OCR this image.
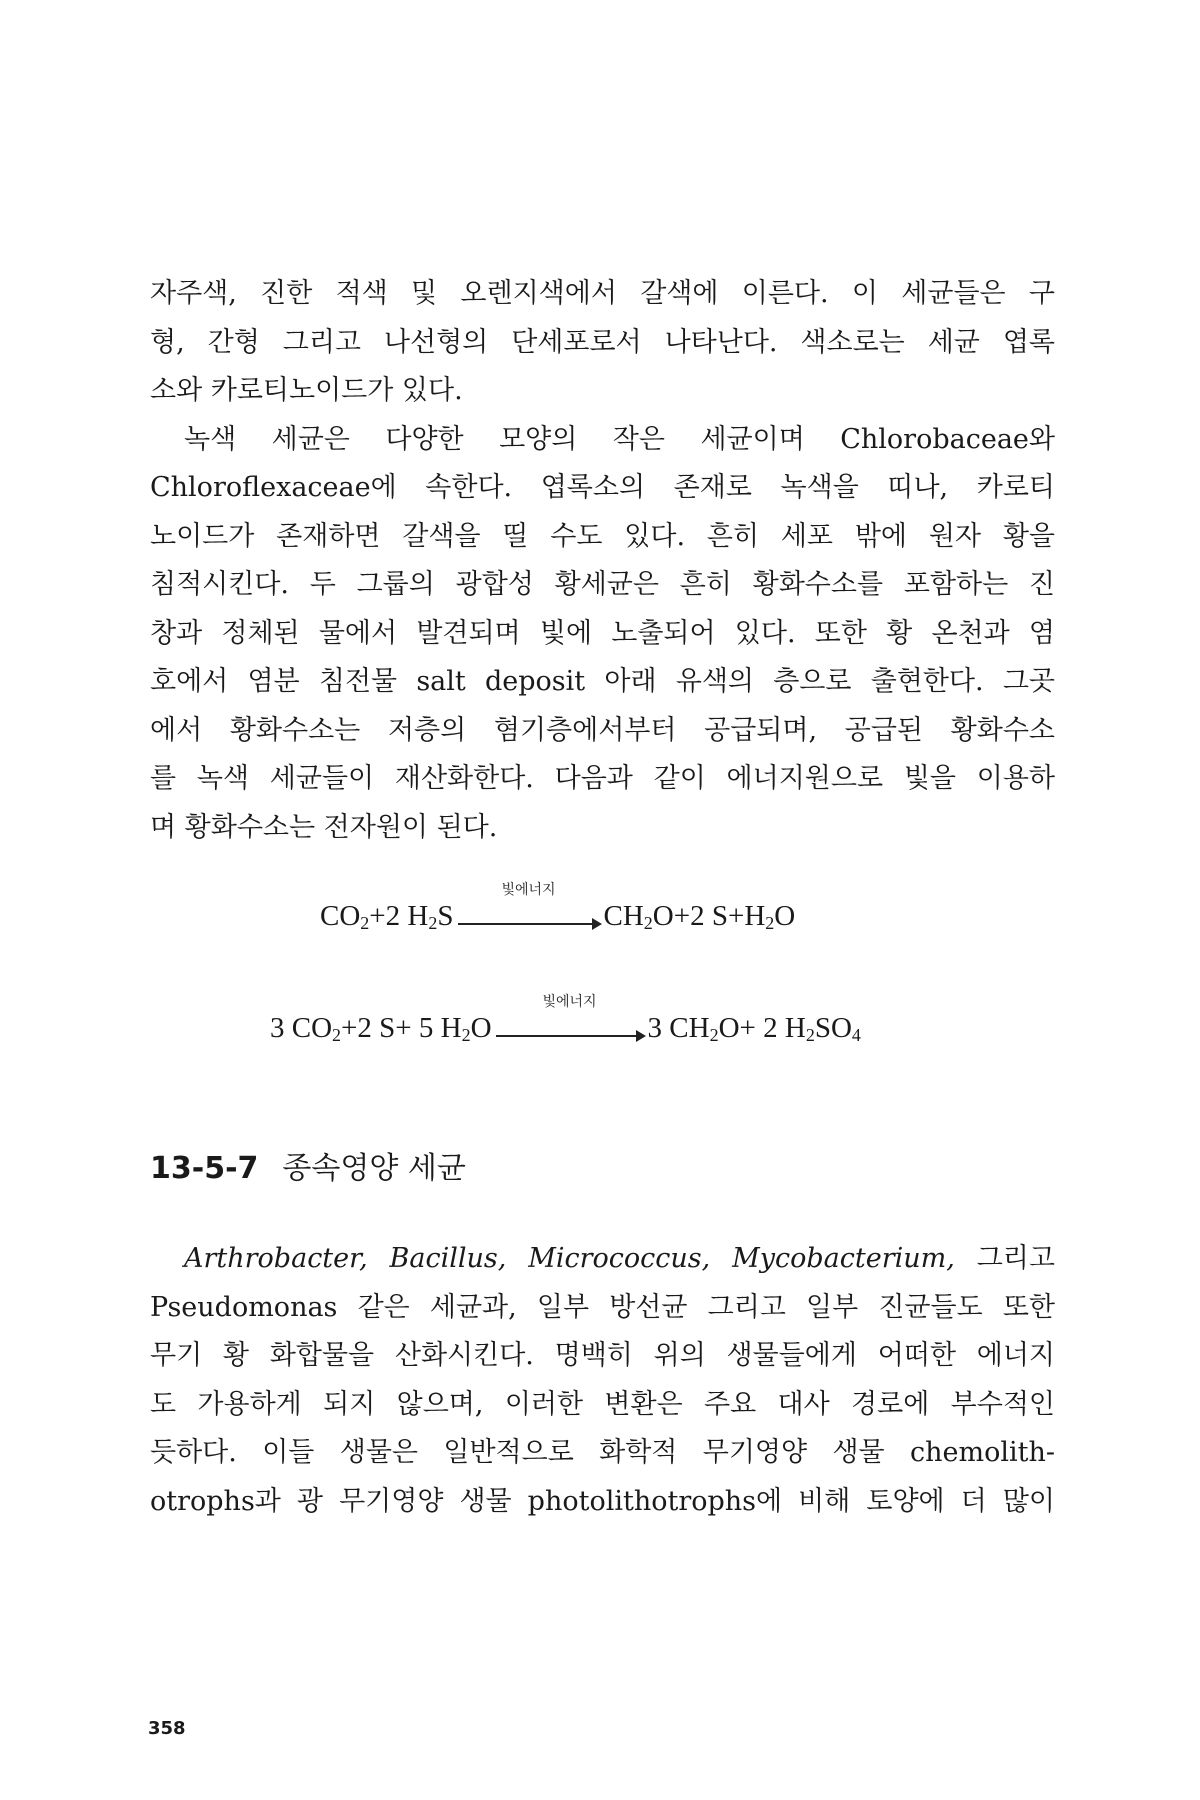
자주색, 진한 적색 및 오렌지색에서 갈색에 이른다. 이 세균들은 구
형, 간형 그리고 나선형의 단세포로서 나타난다. 색소로는 세균 엽록
소와 카로티노이드가 있다.
녹색 세균은 다양한 모양의 작은 세균이며 Chlorobaceae와
Chloroflexaceae에 속한다. 엽록소의 존재로 녹색을 띠나, 카로티
노이드가 존재하면 갈색을 띨 수도 있다. 흔히 세포 밖에 원자 황을
침적시킨다. 두 그룹의 광합성 황세균은 흔히 황화수소를 포함하는 진
창과 정체된 물에서 발견되며 빛에 노출되어 있다. 또한 황 온천과 염
호에서 염분 침전물 salt deposit 아래 유색의 층으로 출현한다. 그곳
에서 황화수소는 저층의 혐기층에서부터 공급되며, 공급된 황화수소
를 녹색 세균들이 재산화한다. 다음과 같이 에너지원으로 빛을 이용하
며 황화수소는 전자원이 된다.
$CO_2+2$ $H_2S$
빛에너지
$CH_2O+2$ $S+H_2O$
3 $CO_2+2$ S+ 5 $H_2O$
빛에너지
3 $CH_2O+ 2$ $H_2SO_4$
13-5-7 종속영양 세균
Arthrobacter, Bacillus, Micrococcus, Mycobacterium, 그리고
Pseudomonas 같은 세균과, 일부 방선균 그리고 일부 진균들도 또한
무기 황 화합물을 산화시킨다. 명백히 위의 생물들에게 어떠한 에너지
도 가용하게 되지 않으며, 이러한 변환은 주요 대사 경로에 부수적인
듯하다. 이들 생물은 일반적으로 화학적 무기영양 생물 chemolith-
otrophs과 광 무기영양 생물 photolithotrophs에 비해 토양에 더 많이
358
